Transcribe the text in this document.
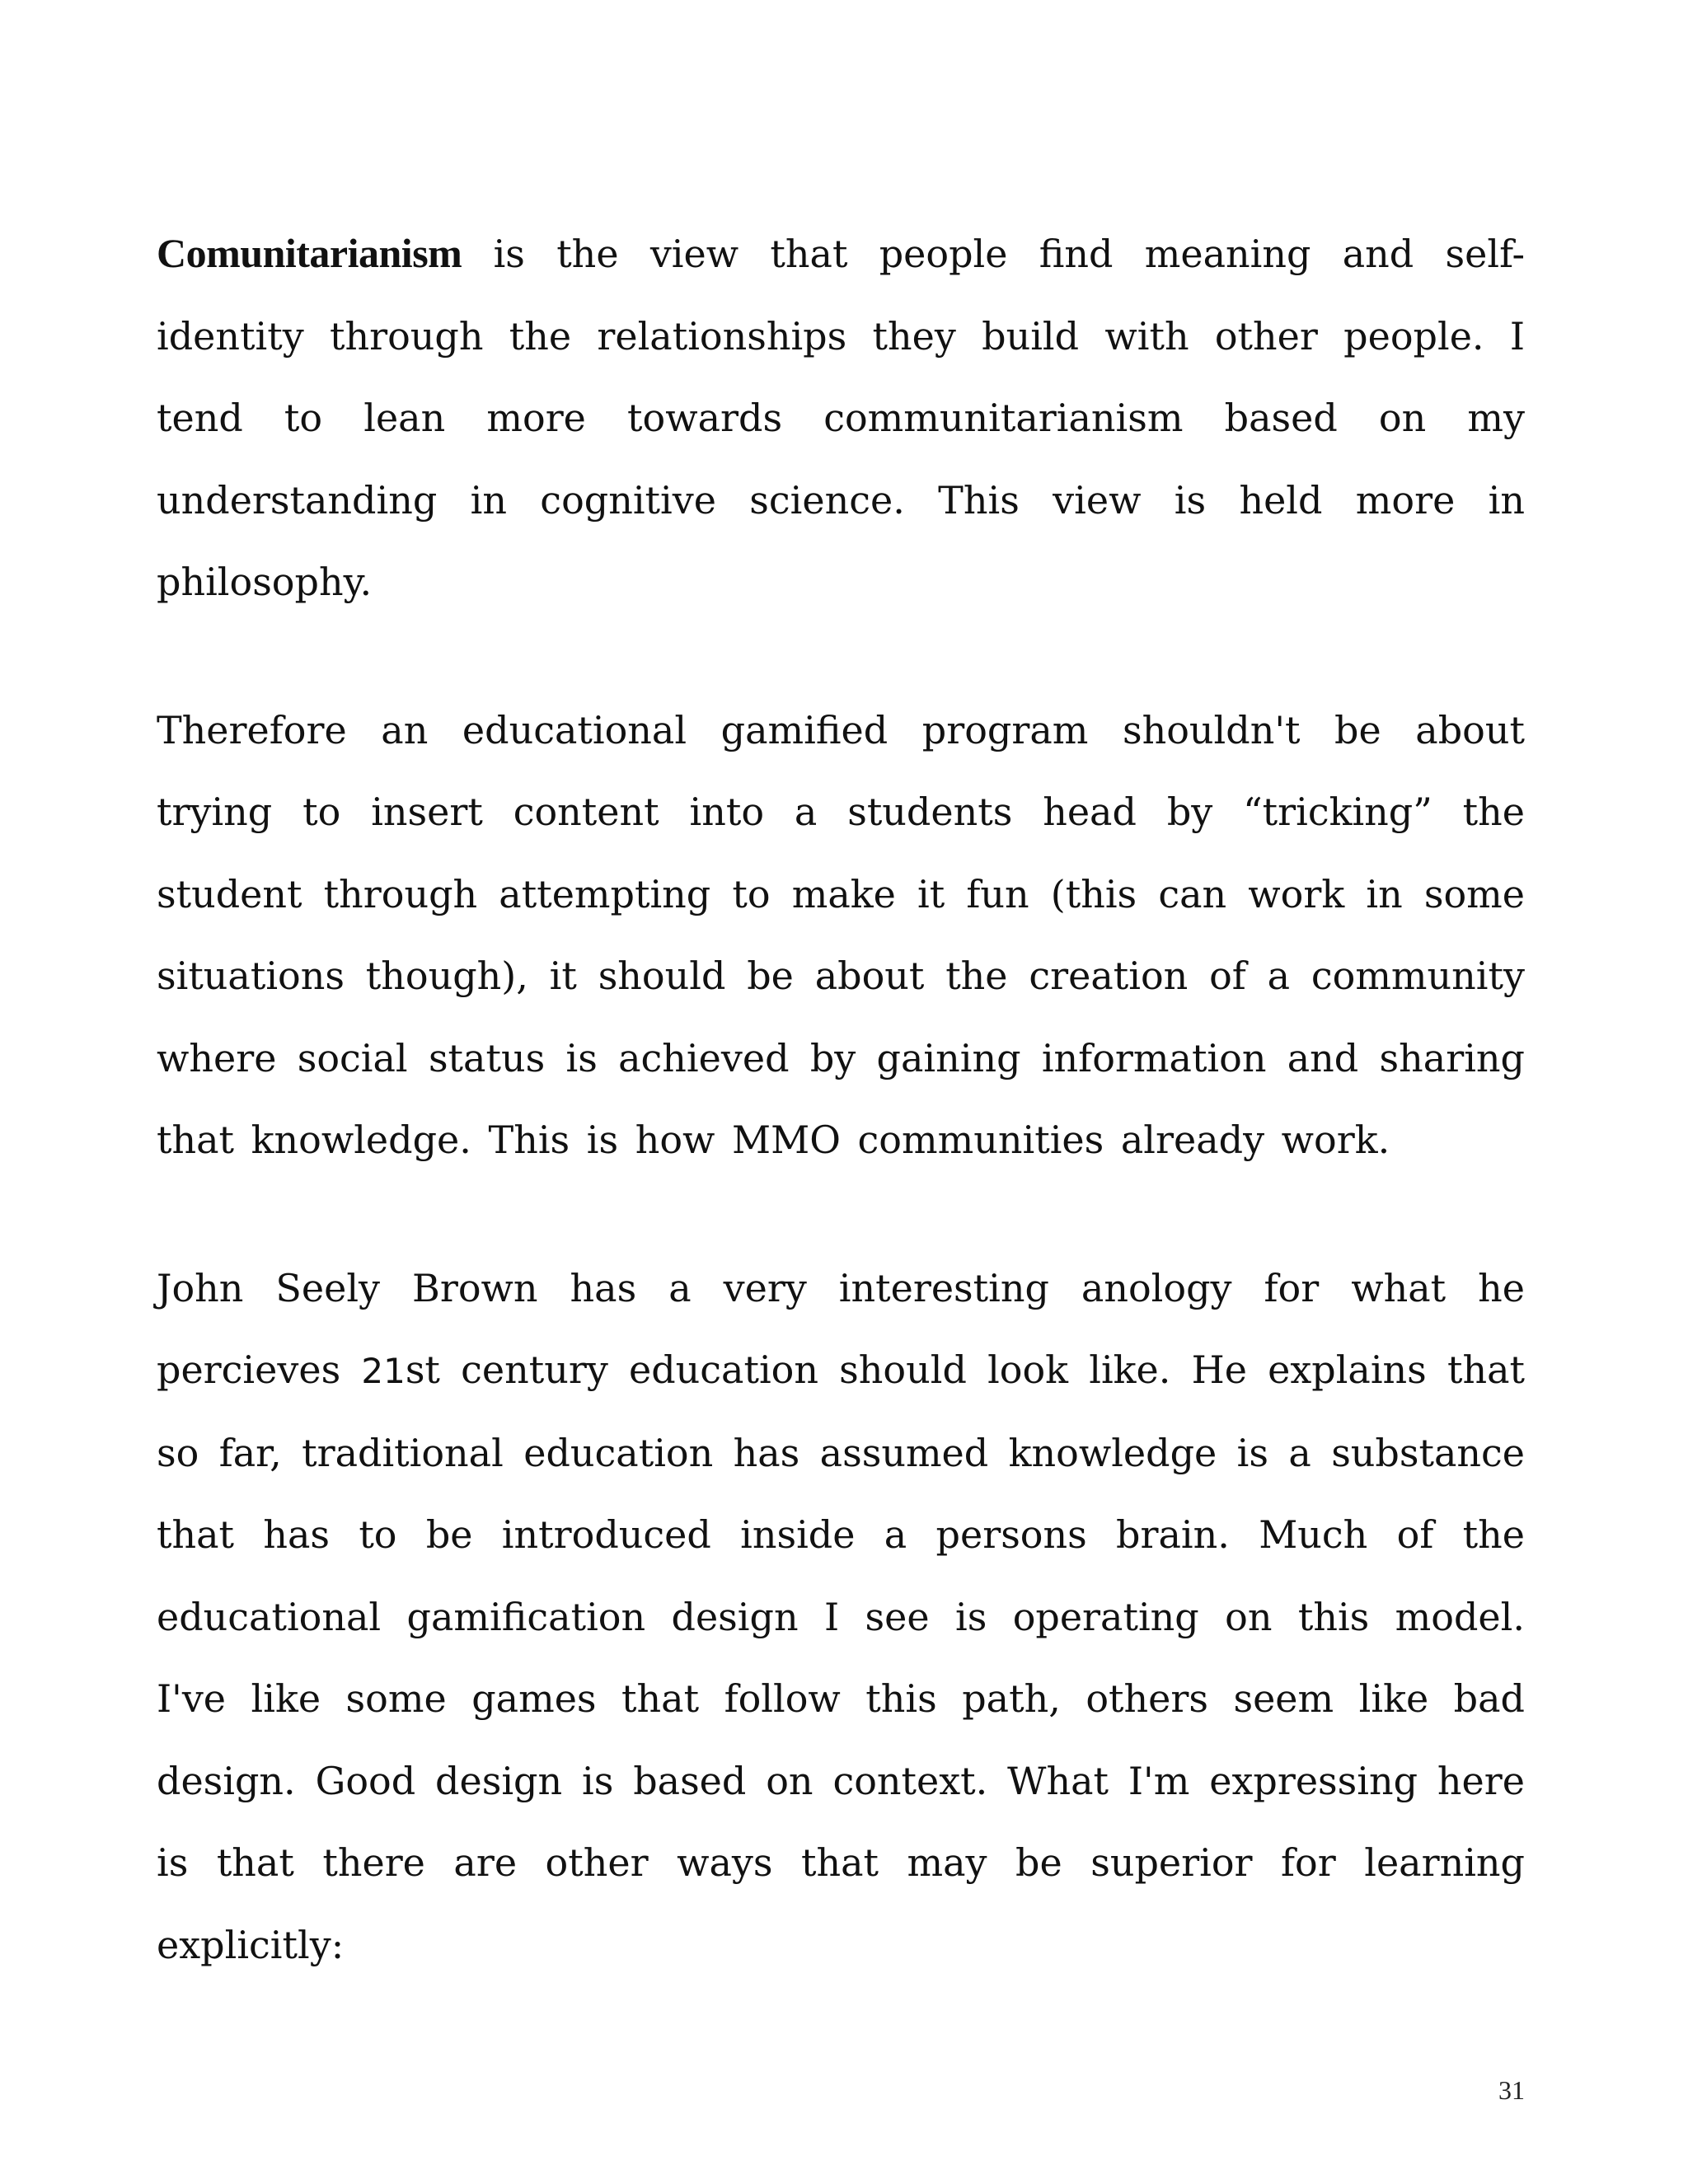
Comunitarianism is the view that people find meaning and self-identity through the relationships they build with other people. I tend to lean more towards communitarianism based on my understanding in cognitive science. This view is held more in philosophy.

Therefore an educational gamified program shouldn't be about trying to insert content into a students head by “tricking” the student through attempting to make it fun (this can work in some situations though), it should be about the creation of a community where social status is achieved by gaining information and sharing that knowledge. This is how MMO communities already work.

John Seely Brown has a very interesting anology for what he percieves 21st century education should look like. He explains that so far, traditional education has assumed knowledge is a substance that has to be introduced inside a persons brain. Much of the educational gamification design I see is operating on this model. I've like some games that follow this path, others seem like bad design. Good design is based on context. What I'm expressing here is that there are other ways that may be superior for learning explicitly:

31
